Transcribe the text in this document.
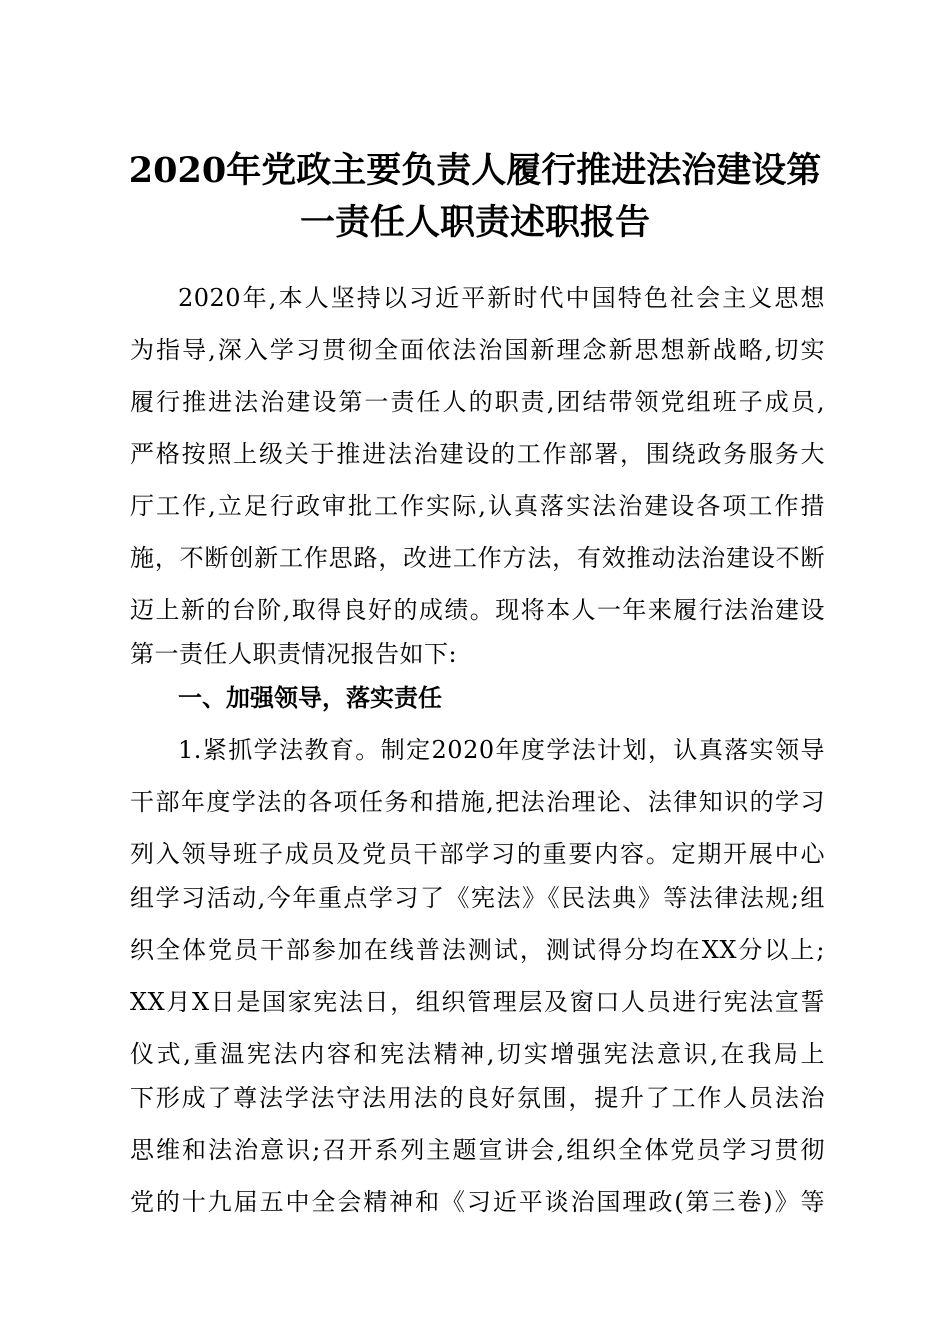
2020年党政主要负责人履行推进法治建设第
一责任人职责述职报告
2020年,本人坚持以习近平新时代中国特色社会主义思想
为指导,深入学习贯彻全面依法治国新理念新思想新战略,切实
履行推进法治建设第一责任人的职责,团结带领党组班子成员,
严格按照上级关于推进法治建设的工作部署，围绕政务服务大
厅工作,立足行政审批工作实际,认真落实法治建设各项工作措
施，不断创新工作思路，改进工作方法，有效推动法治建设不断
迈上新的台阶,取得良好的成绩。现将本人一年来履行法治建设
第一责任人职责情况报告如下:
一、加强领导，落实责任
1.紧抓学法教育。制定2020年度学法计划，认真落实领导
干部年度学法的各项任务和措施,把法治理论、法律知识的学习
列入领导班子成员及党员干部学习的重要内容。定期开展中心
组学习活动,今年重点学习了《宪法》《民法典》等法律法规;组
织全体党员干部参加在线普法测试，测试得分均在XX分以上;
XX月X日是国家宪法日，组织管理层及窗口人员进行宪法宣誓
仪式,重温宪法内容和宪法精神,切实增强宪法意识,在我局上
下形成了尊法学法守法用法的良好氛围，提升了工作人员法治
思维和法治意识;召开系列主题宣讲会,组织全体党员学习贯彻
党的十九届五中全会精神和《习近平谈治国理政(第三卷)》等
